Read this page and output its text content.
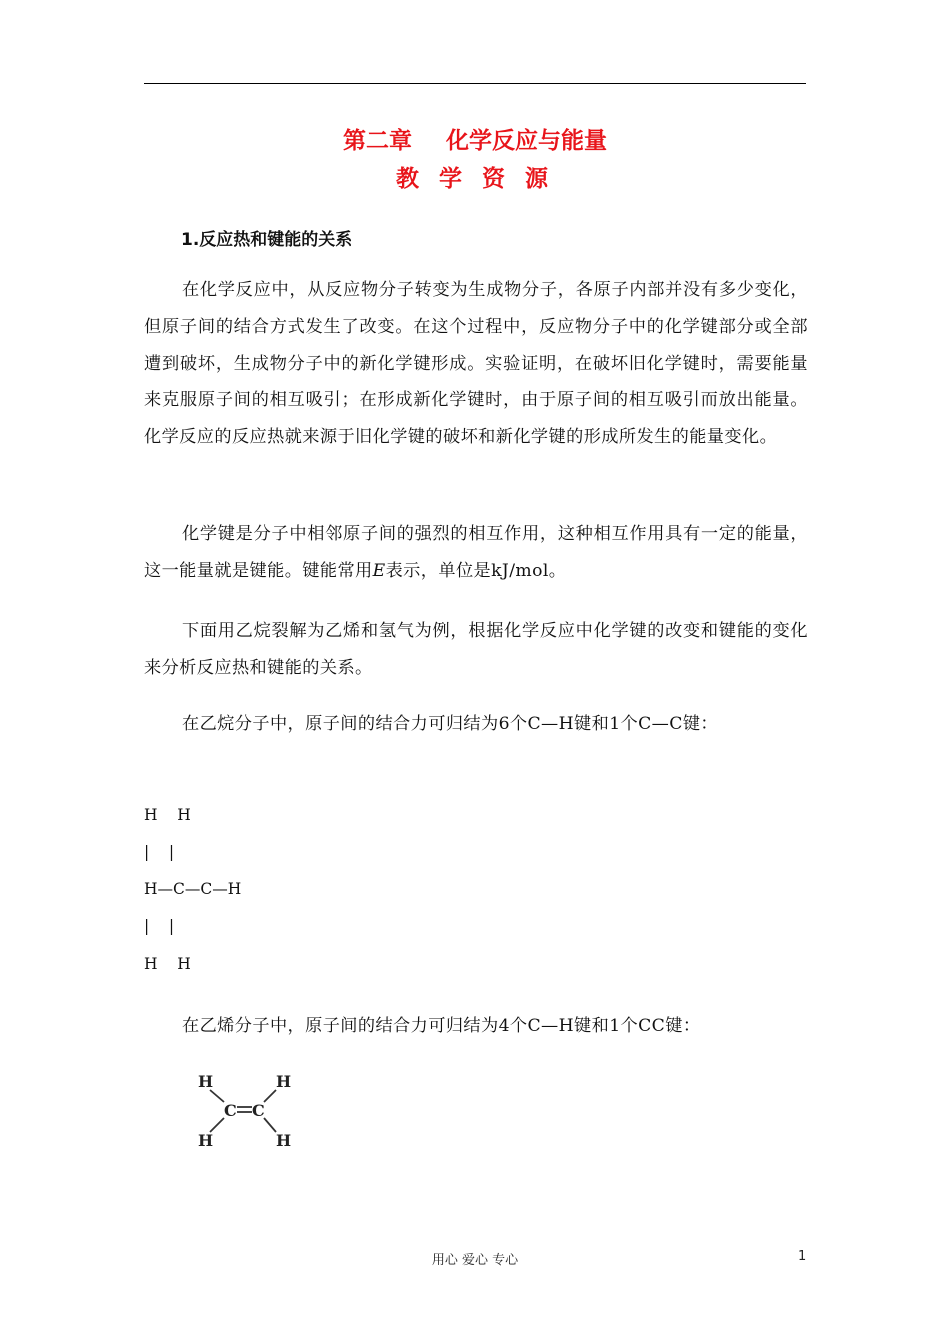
第二章 化学反应与能量
教 学 资 源
1.反应热和键能的关系

在化学反应中，从反应物分子转变为生成物分子，各原子内部并没有多少变化，但原子间的结合方式发生了改变。在这个过程中，反应物分子中的化学键部分或全部遭到破坏，生成物分子中的新化学键形成。实验证明，在破坏旧化学键时，需要能量来克服原子间的相互吸引；在形成新化学键时，由于原子间的相互吸引而放出能量。化学反应的反应热就来源于旧化学键的破坏和新化学键的形成所发生的能量变化。

化学键是分子中相邻原子间的强烈的相互作用，这种相互作用具有一定的能量，这一能量就是键能。键能常用E表示，单位是kJ/mol。

下面用乙烷裂解为乙烯和氢气为例，根据化学反应中化学键的改变和键能的变化来分析反应热和键能的关系。

在乙烷分子中，原子间的结合力可归结为6个C—H键和1个C—C键：

H    H
|    |
H—C—C—H
|    |
H    H

在乙烯分子中，原子间的结合力可归结为4个C—H键和1个CC键：

H	H
C C
H	H
用心 爱心 专心	1
